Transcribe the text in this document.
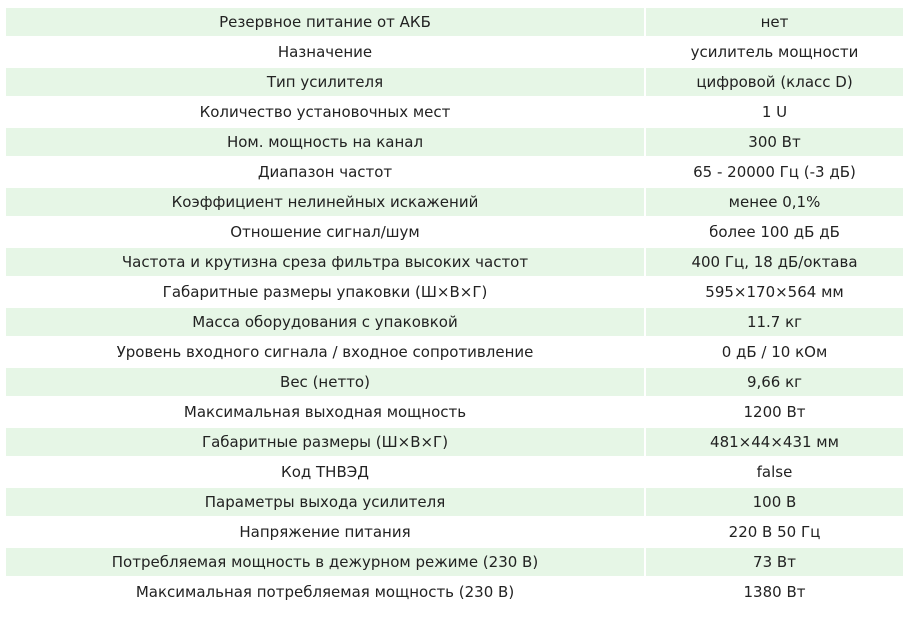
Резервное питание от АКБ	нет
Назначение	усилитель мощности
Тип усилителя	цифровой (класс D)
Количество установочных мест	1 U
Ном. мощность на канал	300 Вт
Диапазон частот	65 - 20000 Гц (-3 дБ)
Коэффициент нелинейных искажений	менее 0,1%
Отношение сигнал/шум	более 100 дБ дБ
Частота и крутизна среза фильтра высоких частот	400 Гц, 18 дБ/октава
Габаритные размеры упаковки (Ш×В×Г)	595×170×564 мм
Масса оборудования с упаковкой	11.7 кг
Уровень входного сигнала / входное сопротивление	0 дБ / 10 кОм
Вес (нетто)	9,66 кг
Максимальная выходная мощность	1200 Вт
Габаритные размеры (Ш×В×Г)	481×44×431 мм
Код ТНВЭД	false
Параметры выхода усилителя	100 В
Напряжение питания	220 В 50 Гц
Потребляемая мощность в дежурном режиме (230 В)	73 Вт
Максимальная потребляемая мощность (230 В)	1380 Вт
